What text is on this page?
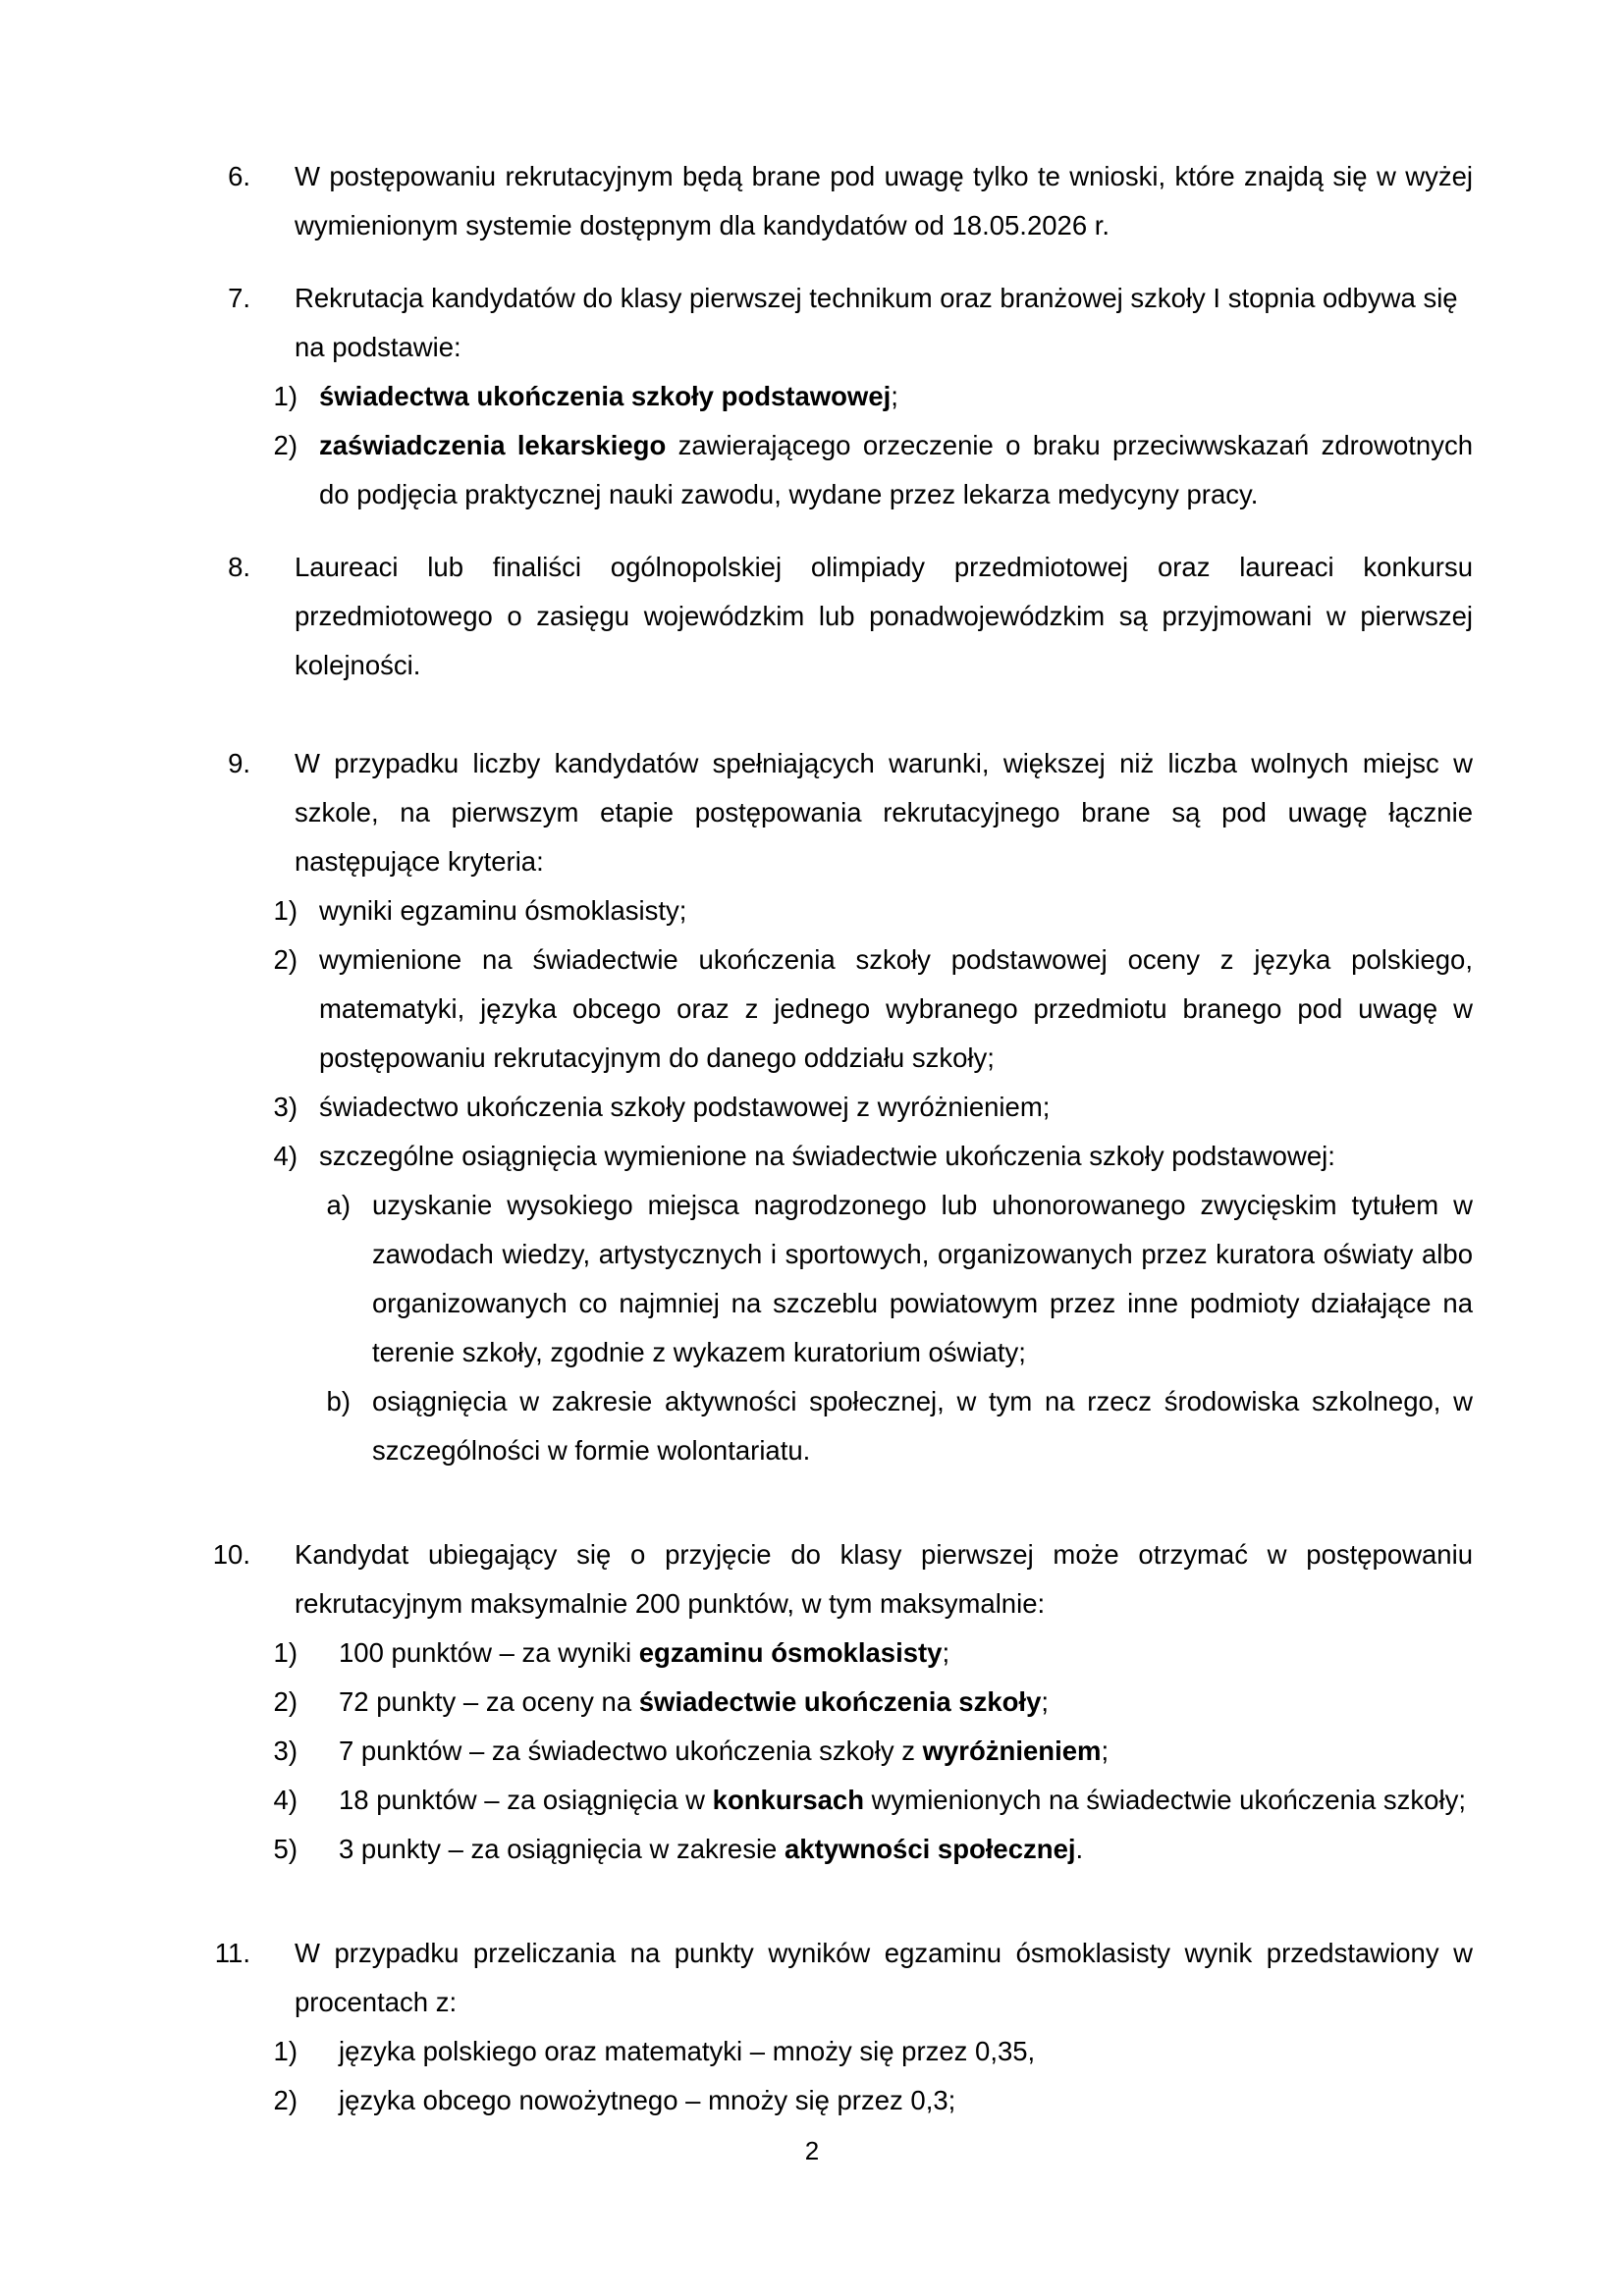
6.	W postępowaniu rekrutacyjnym będą brane pod uwagę tylko te wnioski, które znajdą się w wyżej wymienionym systemie dostępnym dla kandydatów od 18.05.2026 r.
7.	Rekrutacja kandydatów do klasy pierwszej technikum oraz branżowej szkoły I stopnia odbywa się na podstawie:
1) świadectwa ukończenia szkoły podstawowej;
2) zaświadczenia lekarskiego zawierającego orzeczenie o braku przeciwwskazań zdrowotnych do podjęcia praktycznej nauki zawodu, wydane przez lekarza medycyny pracy.
8.	Laureaci lub finaliści ogólnopolskiej olimpiady przedmiotowej oraz laureaci konkursu przedmiotowego o zasięgu wojewódzkim lub ponadwojewódzkim są przyjmowani w pierwszej kolejności.
9.	W przypadku liczby kandydatów spełniających warunki, większej niż liczba wolnych miejsc w szkole, na pierwszym etapie postępowania rekrutacyjnego brane są pod uwagę łącznie następujące kryteria:
1) wyniki egzaminu ósmoklasisty;
2) wymienione na świadectwie ukończenia szkoły podstawowej oceny z języka polskiego, matematyki, języka obcego oraz z jednego wybranego przedmiotu branego pod uwagę w postępowaniu rekrutacyjnym do danego oddziału szkoły;
3) świadectwo ukończenia szkoły podstawowej z wyróżnieniem;
4) szczególne osiągnięcia wymienione na świadectwie ukończenia szkoły podstawowej:
a) uzyskanie wysokiego miejsca nagrodzonego lub uhonorowanego zwycięskim tytułem w zawodach wiedzy, artystycznych i sportowych, organizowanych przez kuratora oświaty albo organizowanych co najmniej na szczeblu powiatowym przez inne podmioty działające na terenie szkoły, zgodnie z wykazem kuratorium oświaty;
b) osiągnięcia w zakresie aktywności społecznej, w tym na rzecz środowiska szkolnego, w szczególności w formie wolontariatu.
10.	Kandydat ubiegający się o przyjęcie do klasy pierwszej może otrzymać w postępowaniu rekrutacyjnym maksymalnie 200 punktów, w tym maksymalnie:
1)	100 punktów – za wyniki egzaminu ósmoklasisty;
2)	72 punkty – za oceny na świadectwie ukończenia szkoły;
3)	7 punktów – za świadectwo ukończenia szkoły z wyróżnieniem;
4)	18 punktów – za osiągnięcia w konkursach wymienionych na świadectwie ukończenia szkoły;
5)	3 punkty – za osiągnięcia w zakresie aktywności społecznej.
11.	W przypadku przeliczania na punkty wyników egzaminu ósmoklasisty wynik przedstawiony w procentach z:
1)	języka polskiego oraz matematyki – mnoży się przez 0,35,
2)	języka obcego nowożytnego – mnoży się przez 0,3;
2
